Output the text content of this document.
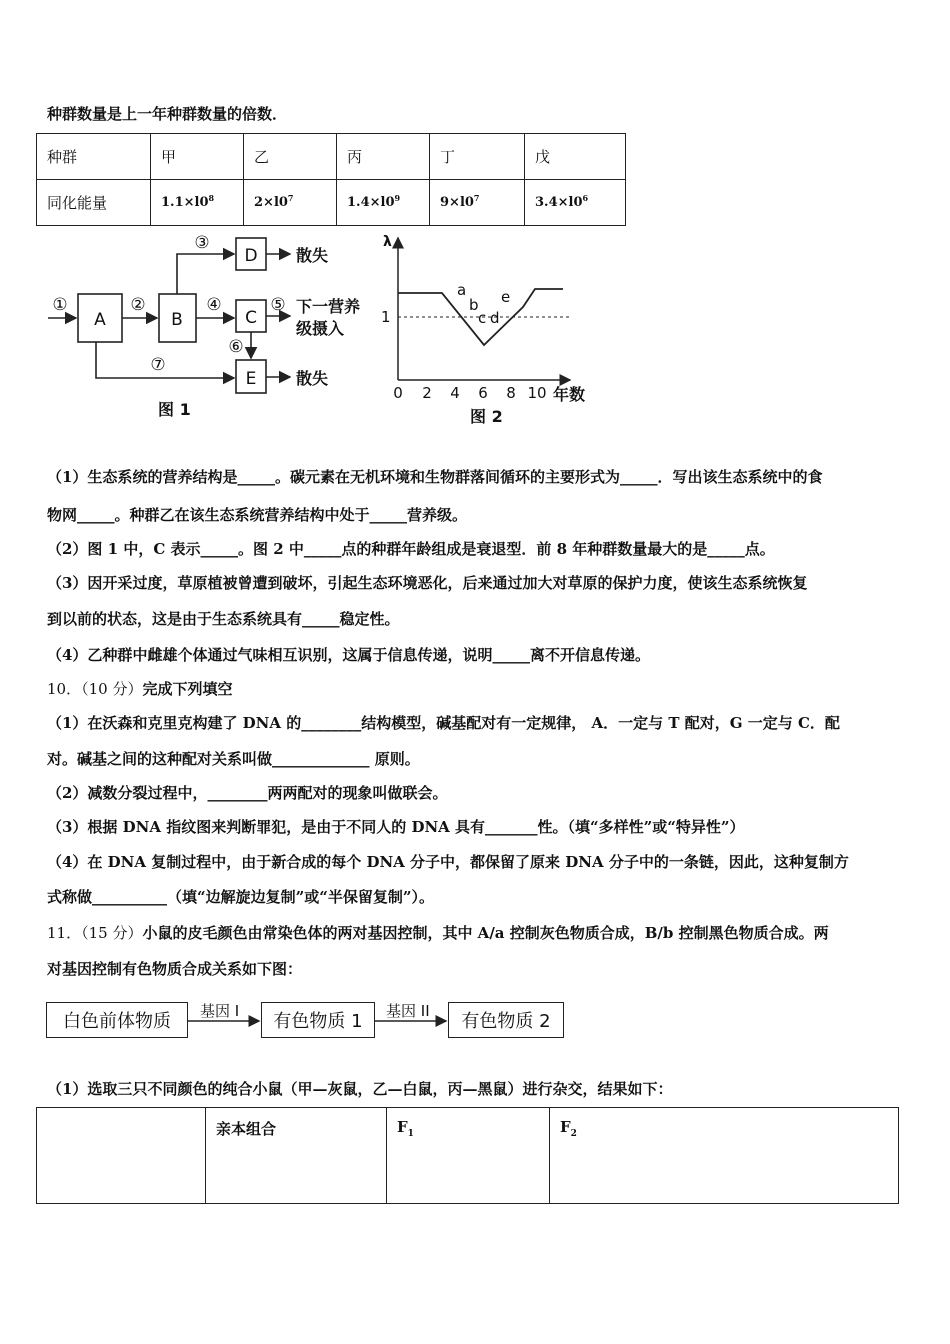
种群数量是上一年种群数量的倍数．
种群	甲	乙	丙	丁	戊
同化能量	$1.1\times l0^8$	$2\times l0^7$	$1.4\times l0^9$	$9\times l0^7$	$3.4\times l0^6$
A	B	C
D
E
①	②
③
④	⑤
⑥
⑦
散失
下一营养
级摄入
散失
图 1
λ
1
0 2 4 6 8 10 年数
a
b
c d
e
图 2
（1）生态系统的营养结构是_____。碳元素在无机环境和生物群落间循环的主要形式为_____．写出该生态系统中的食
物网_____。种群乙在该生态系统营养结构中处于_____营养级。
（2）图 1 中，C 表示_____。图 2 中_____点的种群年龄组成是衰退型．前 8 年种群数量最大的是_____点。
（3）因开采过度，草原植被曾遭到破坏，引起生态环境恶化，后来通过加大对草原的保护力度，使该生态系统恢复
到以前的状态，这是由于生态系统具有_____稳定性。
（4）乙种群中雌雄个体通过气味相互识别，这属于信息传递，说明_____离不开信息传递。
10．（10 分）完成下列填空
（1）在沃森和克里克构建了 DNA 的________结构模型，碱基配对有一定规律， A．一定与 T 配对，G 一定与 C．配
对。碱基之间的这种配对关系叫做_____________ 原则。
（2）减数分裂过程中，________两两配对的现象叫做联会。
（3）根据 DNA 指纹图来判断罪犯，是由于不同人的 DNA 具有_______性。（填“多样性”或“特异性”）
（4）在 DNA 复制过程中，由于新合成的每个 DNA 分子中，都保留了原来 DNA 分子中的一条链，因此，这种复制方
式称做__________（填“边解旋边复制”或“半保留复制”）。
11．（15 分）小鼠的皮毛颜色由常染色体的两对基因控制，其中 A/a 控制灰色物质合成，B/b 控制黑色物质合成。两
对基因控制有色物质合成关系如下图：
白色前体物质	有色物质 1	有色物质 2
基因 I	基因 II
（1）选取三只不同颜色的纯合小鼠（甲—灰鼠，乙—白鼠，丙—黑鼠）进行杂交，结果如下：
	亲本组合	$F_1$	$F_2$
